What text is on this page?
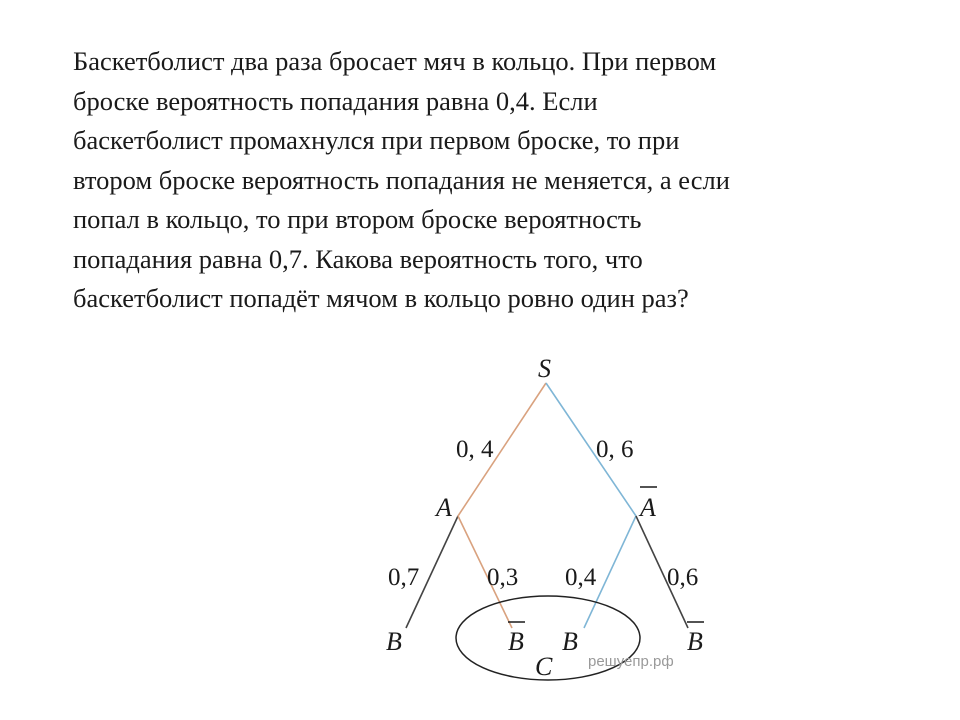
Баскетболист два раза бросает мяч в кольцо. При первом
броске вероятность попадания равна 0,4. Если
баскетболист промахнулся при первом броске, то при
втором броске вероятность попадания не меняется, а если
попал в кольцо, то при втором броске вероятность
попадания равна 0,7. Какова вероятность того, что
баскетболист попадёт мячом в кольцо ровно один раз?
S
A	A
B	B B	B
C
0, 4	0, 6
0,7	0,3 0,4	0,6
решуепр.рф
